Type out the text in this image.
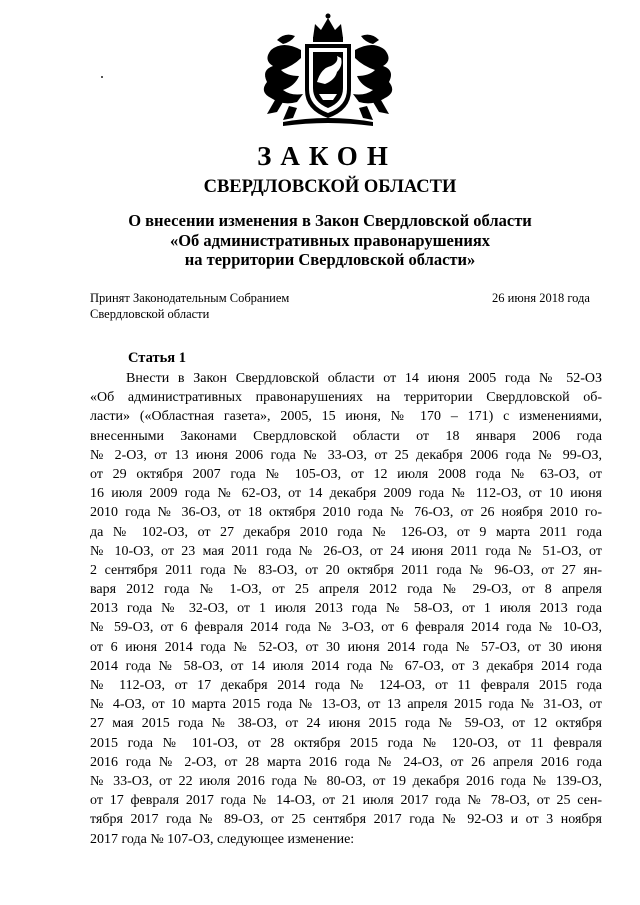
ЗАКОН
СВЕРДЛОВСКОЙ ОБЛАСТИ
О внесении изменения в Закон Свердловской области
«Об административных правонарушениях
на территории Свердловской области»
Принят Законодательным Собранием
Свердловской области
26 июня 2018 года
Статья 1
Внести в Закон Свердловской области от 14 июня 2005 года № 52-ОЗ
«Об административных правонарушениях на территории Свердловской об-
ласти» («Областная газета», 2005, 15 июня, № 170 – 171) с изменениями,
внесенными Законами Свердловской области от 18 января 2006 года
№ 2-ОЗ, от 13 июня 2006 года № 33-ОЗ, от 25 декабря 2006 года № 99-ОЗ,
от 29 октября 2007 года № 105-ОЗ, от 12 июля 2008 года № 63-ОЗ, от
16 июля 2009 года № 62-ОЗ, от 14 декабря 2009 года № 112-ОЗ, от 10 июня
2010 года № 36-ОЗ, от 18 октября 2010 года № 76-ОЗ, от 26 ноября 2010 го-
да № 102-ОЗ, от 27 декабря 2010 года № 126-ОЗ, от 9 марта 2011 года
№ 10-ОЗ, от 23 мая 2011 года № 26-ОЗ, от 24 июня 2011 года № 51-ОЗ, от
2 сентября 2011 года № 83-ОЗ, от 20 октября 2011 года № 96-ОЗ, от 27 ян-
варя 2012 года № 1-ОЗ, от 25 апреля 2012 года № 29-ОЗ, от 8 апреля
2013 года № 32-ОЗ, от 1 июля 2013 года № 58-ОЗ, от 1 июля 2013 года
№ 59-ОЗ, от 6 февраля 2014 года № 3-ОЗ, от 6 февраля 2014 года № 10-ОЗ,
от 6 июня 2014 года № 52-ОЗ, от 30 июня 2014 года № 57-ОЗ, от 30 июня
2014 года № 58-ОЗ, от 14 июля 2014 года № 67-ОЗ, от 3 декабря 2014 года
№ 112-ОЗ, от 17 декабря 2014 года № 124-ОЗ, от 11 февраля 2015 года
№ 4-ОЗ, от 10 марта 2015 года № 13-ОЗ, от 13 апреля 2015 года № 31-ОЗ, от
27 мая 2015 года № 38-ОЗ, от 24 июня 2015 года № 59-ОЗ, от 12 октября
2015 года № 101-ОЗ, от 28 октября 2015 года № 120-ОЗ, от 11 февраля
2016 года № 2-ОЗ, от 28 марта 2016 года № 24-ОЗ, от 26 апреля 2016 года
№ 33-ОЗ, от 22 июля 2016 года № 80-ОЗ, от 19 декабря 2016 года № 139-ОЗ,
от 17 февраля 2017 года № 14-ОЗ, от 21 июля 2017 года № 78-ОЗ, от 25 сен-
тября 2017 года № 89-ОЗ, от 25 сентября 2017 года № 92-ОЗ и от 3 ноября
2017 года № 107-ОЗ, следующее изменение:
